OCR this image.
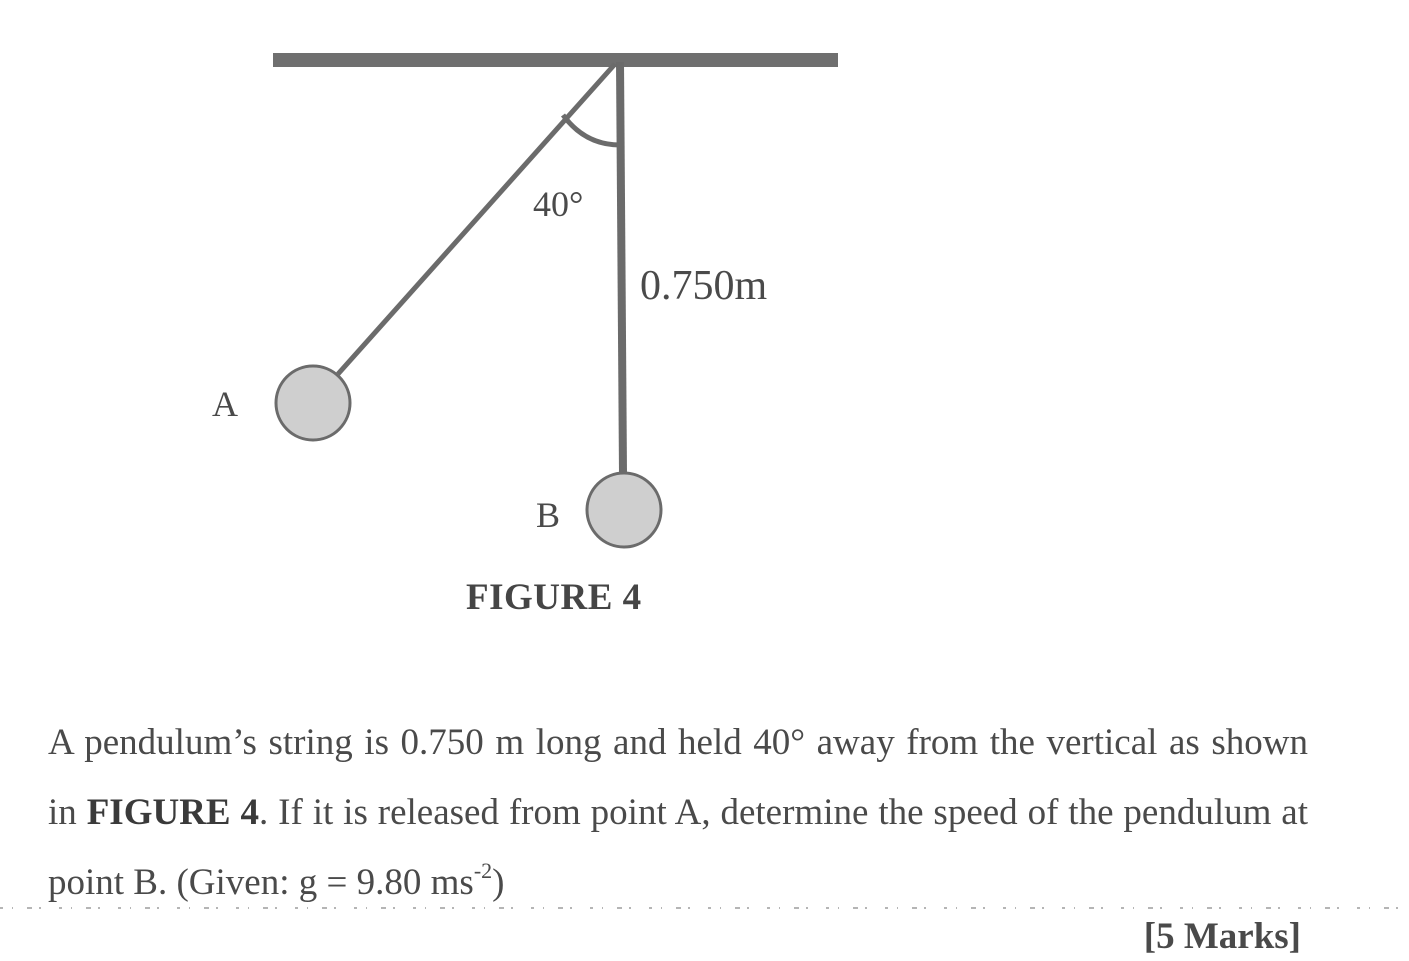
40°
0.750m
A
B
FIGURE 4
A pendulum’s string is 0.750 m long and held 40° away from the vertical as shown in FIGURE 4. If it is released from point A, determine the speed of the pendulum at point B. (Given: g = 9.80 $ms^{-2}$)
[5 Marks]
